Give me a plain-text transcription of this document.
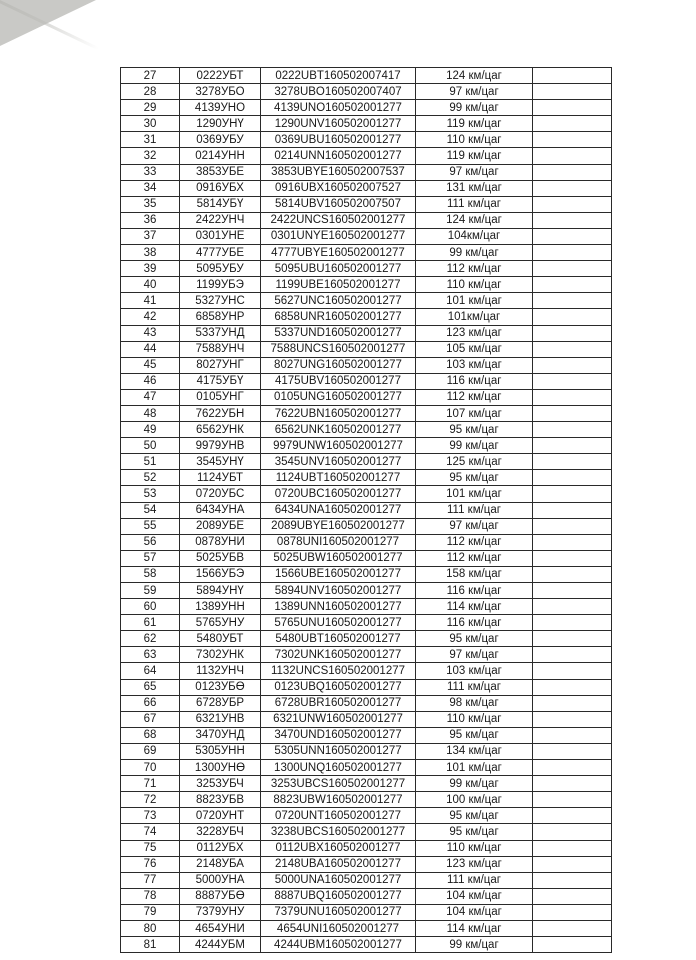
27	0222УБТ	0222UBT160502007417	124 км/цаг	
28	3278УБО	3278UBO160502007407	97 км/цаг	
29	4139УНО	4139UNO160502001277	99 км/цаг	
30	1290УНҮ	1290UNV160502001277	119 км/цаг	
31	0369УБУ	0369UBU160502001277	110 км/цаг	
32	0214УНН	0214UNN160502001277	119 км/цаг	
33	3853УБЕ	3853UBYE160502007537	97 км/цаг	
34	0916УБХ	0916UBX160502007527	131 км/цаг	
35	5814УБҮ	5814UBV160502007507	111 км/цаг	
36	2422УНЧ	2422UNCS160502001277	124 км/цаг	
37	0301УНЕ	0301UNYE160502001277	104км/цаг	
38	4777УБЕ	4777UBYE160502001277	99 км/цаг	
39	5095УБУ	5095UBU160502001277	112 км/цаг	
40	1199УБЭ	1199UBE160502001277	110 км/цаг	
41	5327УНС	5627UNC160502001277	101 км/цаг	
42	6858УНР	6858UNR160502001277	101км/цаг	
43	5337УНД	5337UND160502001277	123 км/цаг	
44	7588УНЧ	7588UNCS160502001277	105 км/цаг	
45	8027УНГ	8027UNG160502001277	103 км/цаг	
46	4175УБҮ	4175UBV160502001277	116 км/цаг	
47	0105УНГ	0105UNG160502001277	112 км/цаг	
48	7622УБН	7622UBN160502001277	107 км/цаг	
49	6562УНК	6562UNK160502001277	95 км/цаг	
50	9979УНВ	9979UNW160502001277	99 км/цаг	
51	3545УНҮ	3545UNV160502001277	125 км/цаг	
52	1124УБТ	1124UBT160502001277	95 км/цаг	
53	0720УБС	0720UBC160502001277	101 км/цаг	
54	6434УНА	6434UNA160502001277	111 км/цаг	
55	2089УБЕ	2089UBYE160502001277	97 км/цаг	
56	0878УНИ	0878UNI160502001277	112 км/цаг	
57	5025УБВ	5025UBW160502001277	112 км/цаг	
58	1566УБЭ	1566UBE160502001277	158 км/цаг	
59	5894УНҮ	5894UNV160502001277	116 км/цаг	
60	1389УНН	1389UNN160502001277	114 км/цаг	
61	5765УНУ	5765UNU160502001277	116 км/цаг	
62	5480УБТ	5480UBT160502001277	95 км/цаг	
63	7302УНК	7302UNK160502001277	97 км/цаг	
64	1132УНЧ	1132UNCS160502001277	103 км/цаг	
65	0123УБӨ	0123UBQ160502001277	111 км/цаг	
66	6728УБР	6728UBR160502001277	98 км/цаг	
67	6321УНВ	6321UNW160502001277	110 км/цаг	
68	3470УНД	3470UND160502001277	95 км/цаг	
69	5305УНН	5305UNN160502001277	134 км/цаг	
70	1300УНӨ	1300UNQ160502001277	101 км/цаг	
71	3253УБЧ	3253UBCS160502001277	99 км/цаг	
72	8823УБВ	8823UBW160502001277	100 км/цаг	
73	0720УНТ	0720UNT160502001277	95 км/цаг	
74	3228УБЧ	3238UBCS160502001277	95 км/цаг	
75	0112УБХ	0112UBX160502001277	110 км/цаг	
76	2148УБА	2148UBA160502001277	123 км/цаг	
77	5000УНА	5000UNA160502001277	111 км/цаг	
78	8887УБӨ	8887UBQ160502001277	104 км/цаг	
79	7379УНУ	7379UNU160502001277	104 км/цаг	
80	4654УНИ	4654UNI160502001277	114 км/цаг	
81	4244УБМ	4244UBM160502001277	99 км/цаг	
